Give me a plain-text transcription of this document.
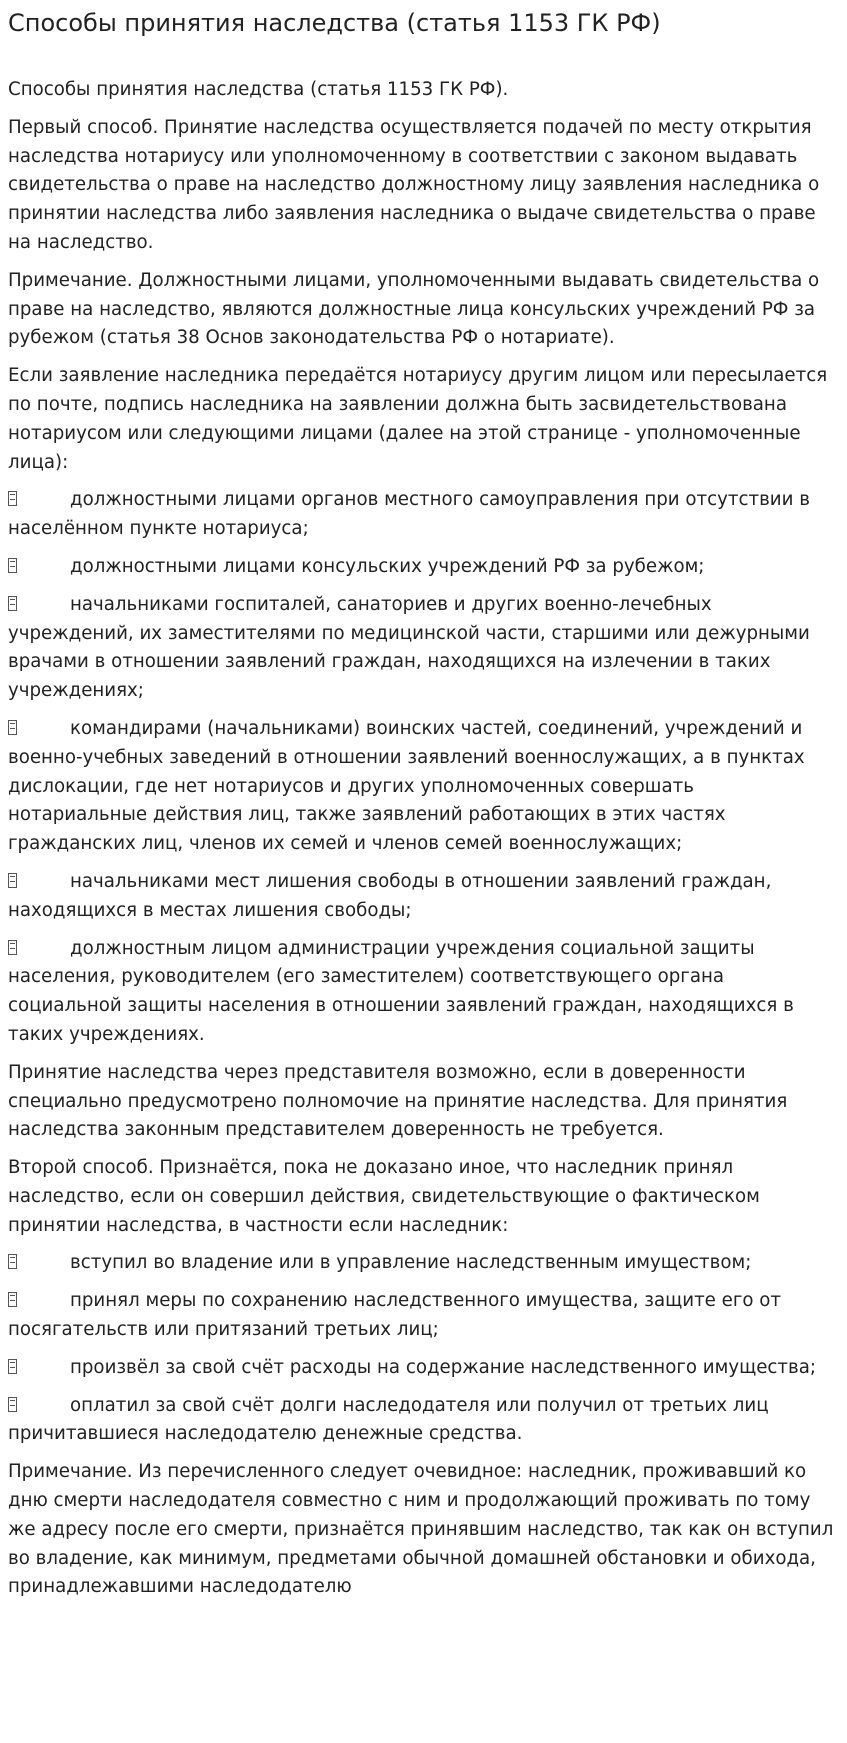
Способы принятия наследства (статья 1153 ГК РФ)

Способы принятия наследства (статья 1153 ГК РФ).

Первый способ. Принятие наследства осуществляется подачей по месту открытия наследства нотариусу или уполномоченному в соответствии с законом выдавать свидетельства о праве на наследство должностному лицу заявления наследника о принятии наследства либо заявления наследника о выдаче свидетельства о праве на наследство.

Примечание. Должностными лицами, уполномоченными выдавать свидетельства о праве на наследство, являются должностные лица консульских учреждений РФ за рубежом (статья 38 Основ законодательства РФ о нотариате).

Если заявление наследника передаётся нотариусу другим лицом или пересылается по почте, подпись наследника на заявлении должна быть засвидетельствована нотариусом или следующими лицами (далее на этой странице - уполномоченные лица):

должностными лицами органов местного самоуправления при отсутствии в населённом пункте нотариуса;
должностными лицами консульских учреждений РФ за рубежом;
начальниками госпиталей, санаториев и других военно-лечебных учреждений, их заместителями по медицинской части, старшими или дежурными врачами в отношении заявлений граждан, находящихся на излечении в таких учреждениях;
командирами (начальниками) воинских частей, соединений, учреждений и военно-учебных заведений в отношении заявлений военнослужащих, а в пунктах дислокации, где нет нотариусов и других уполномоченных совершать нотариальные действия лиц, также заявлений работающих в этих частях гражданских лиц, членов их семей и членов семей военнослужащих;
начальниками мест лишения свободы в отношении заявлений граждан, находящихся в местах лишения свободы;
должностным лицом администрации учреждения социальной защиты населения, руководителем (его заместителем) соответствующего органа социальной защиты населения в отношении заявлений граждан, находящихся в таких учреждениях.

Принятие наследства через представителя возможно, если в доверенности специально предусмотрено полномочие на принятие наследства. Для принятия наследства законным представителем доверенность не требуется.

Второй способ. Признаётся, пока не доказано иное, что наследник принял наследство, если он совершил действия, свидетельствующие о фактическом принятии наследства, в частности если наследник:

вступил во владение или в управление наследственным имуществом;
принял меры по сохранению наследственного имущества, защите его от посягательств или притязаний третьих лиц;
произвёл за свой счёт расходы на содержание наследственного имущества;
оплатил за свой счёт долги наследодателя или получил от третьих лиц причитавшиеся наследодателю денежные средства.

Примечание. Из перечисленного следует очевидное: наследник, проживавший ко дню смерти наследодателя совместно с ним и продолжающий проживать по тому же адресу после его смерти, признаётся принявшим наследство, так как он вступил во владение, как минимум, предметами обычной домашней обстановки и обихода, принадлежавшими наследодателю
